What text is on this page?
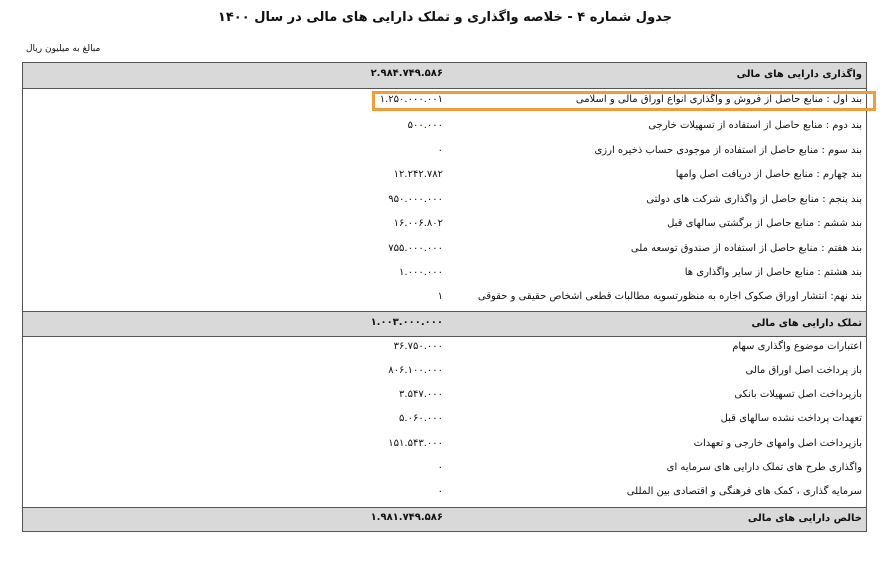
جدول شماره ۴ - خلاصه واگذاری و تملک دارایی های مالی در سال ۱۴۰۰
مبالغ به میلیون ریال
واگذاری دارایی های مالی
۲.۹۸۴.۷۴۹.۵۸۶
بند اول : منابع حاصل از فروش و واگذاری انواع اوراق مالی و اسلامی
۱.۲۵۰.۰۰۰.۰۰۱
بند دوم : منابع حاصل از استفاده از تسهیلات خارجی
۵۰۰.۰۰۰
بند سوم : منابع حاصل از استفاده از موجودی حساب ذخیره ارزی
۰
بند چهارم : منابع حاصل از دریافت اصل وامها
۱۲.۲۴۲.۷۸۲
بند پنجم : منابع حاصل از واگذاری شرکت های دولتی
۹۵۰.۰۰۰.۰۰۰
بند ششم : منابع حاصل از برگشتی سالهای قبل
۱۶.۰۰۶.۸۰۲
بند هفتم : منابع حاصل از استفاده از صندوق توسعه ملی
۷۵۵.۰۰۰.۰۰۰
بند هشتم : منابع حاصل از سایر واگذاری ها
۱.۰۰۰.۰۰۰
بند نهم: انتشار اوراق صکوک اجاره به منظورتسویه مطالبات قطعی اشخاص حقیقی و حقوقی
۱
تملک دارایی های مالی
۱.۰۰۳.۰۰۰.۰۰۰
اعتبارات موضوع واگذاری سهام
۳۶.۷۵۰.۰۰۰
باز پرداخت اصل اوراق مالی
۸۰۶.۱۰۰.۰۰۰
بازپرداخت اصل تسهیلات بانکی
۳.۵۴۷.۰۰۰
تعهدات پرداخت نشده سالهای قبل
۵.۰۶۰.۰۰۰
بازپرداخت اصل وامهای خارجی و تعهدات
۱۵۱.۵۴۳.۰۰۰
واگذاری طرح های تملک دارایی های سرمایه ای
۰
سرمایه گذاری ، کمک های فرهنگی و اقتصادی بین المللی
۰
خالص دارایی های مالی
۱.۹۸۱.۷۴۹.۵۸۶
